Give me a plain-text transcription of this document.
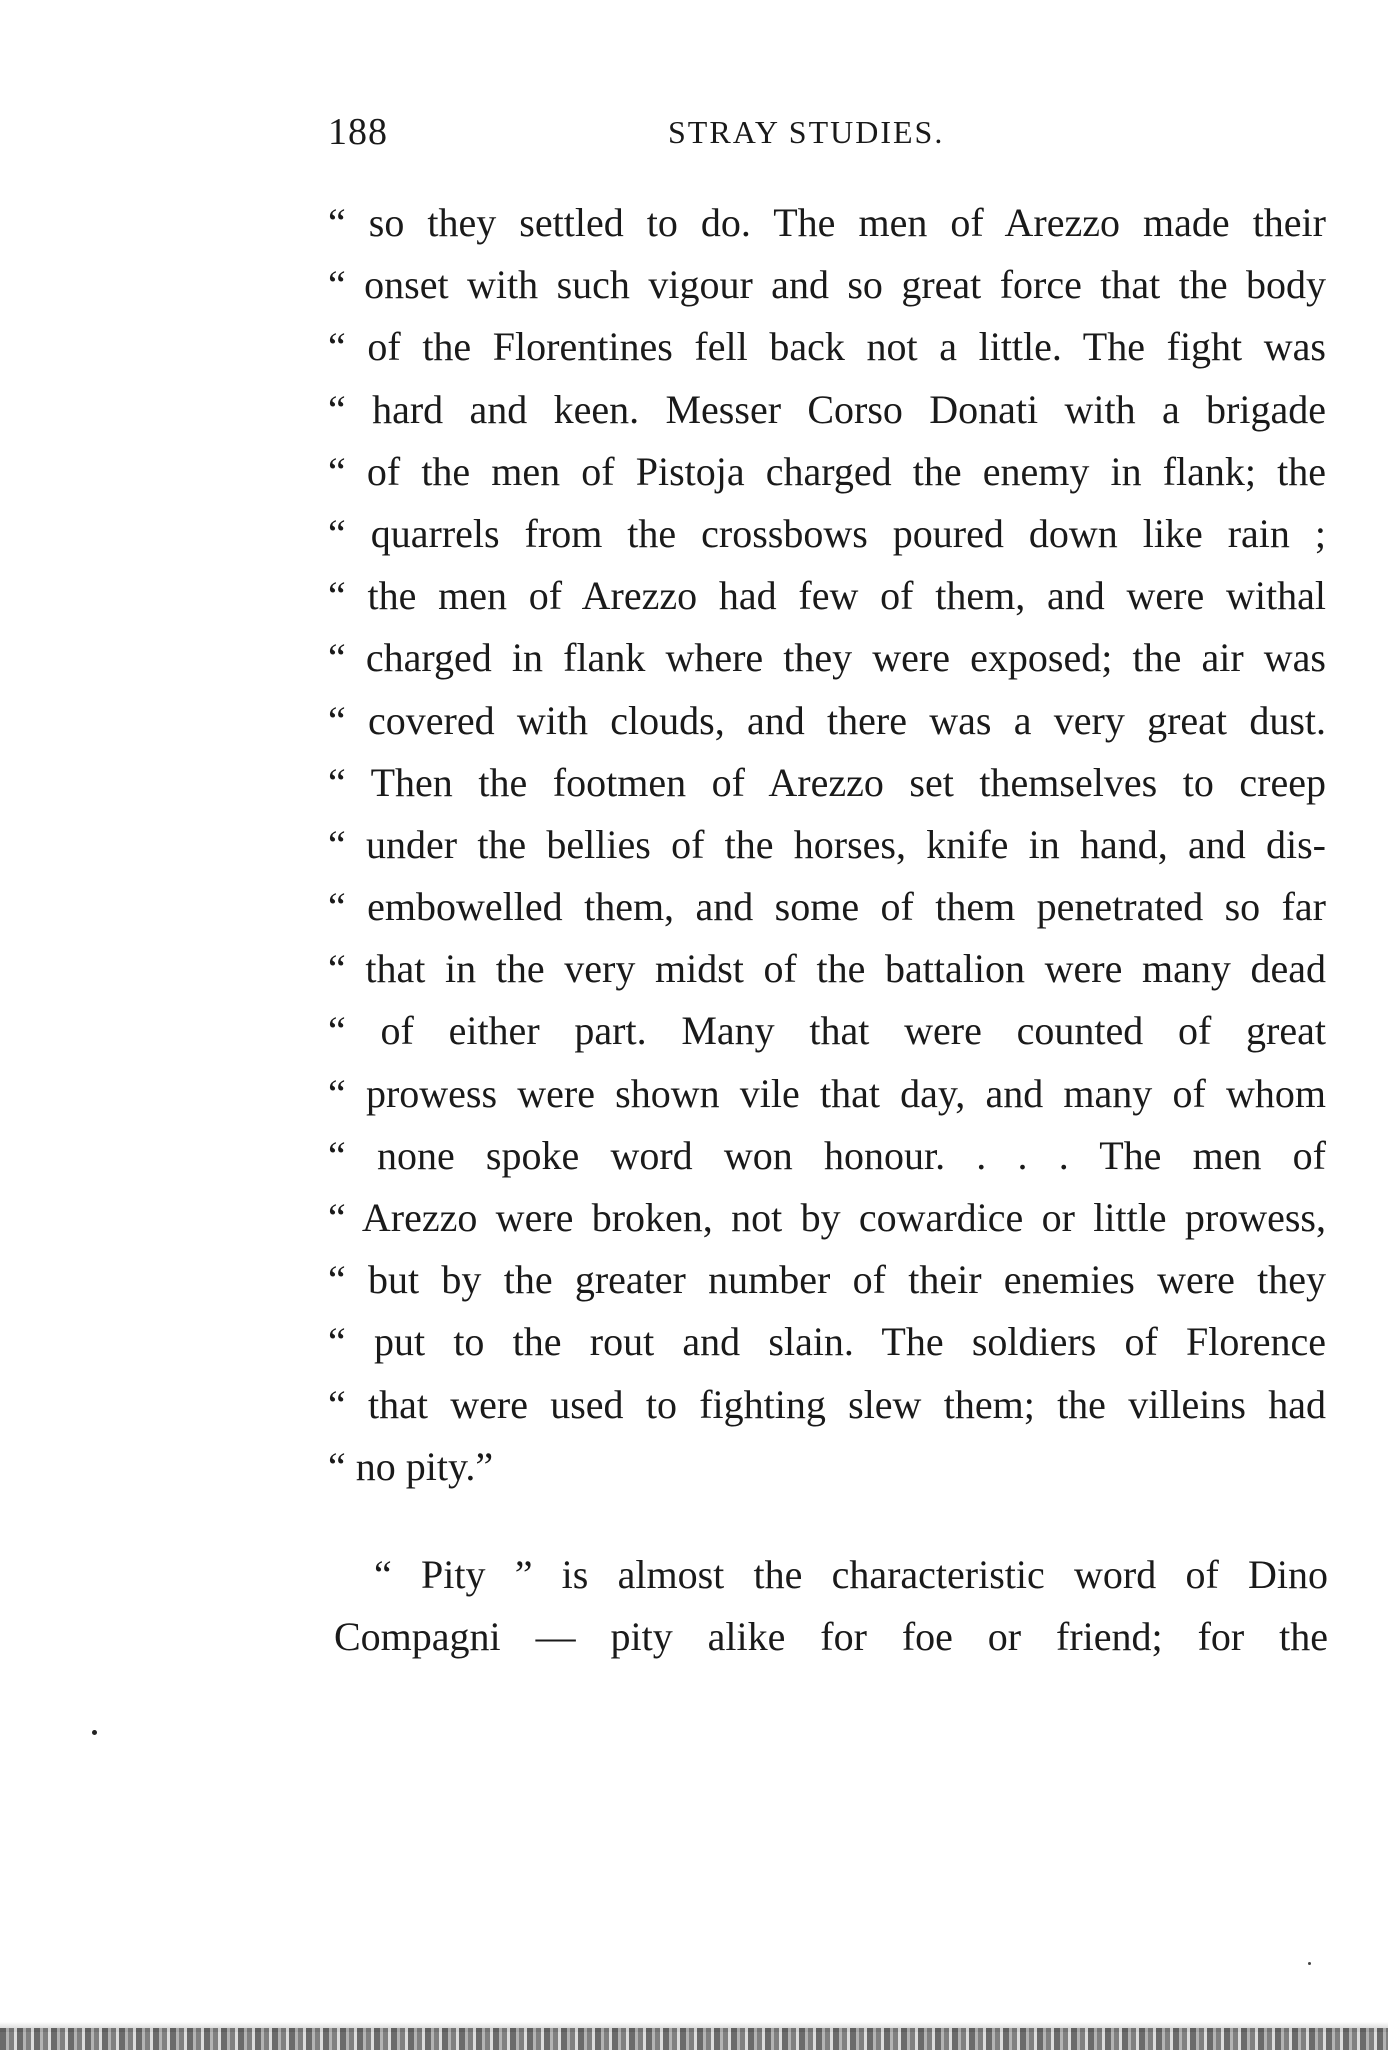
188	STRAY STUDIES.
“ so they settled to do. The men of Arezzo made their
“ onset with such vigour and so great force that the body
“ of the Florentines fell back not a little. The fight was
“ hard and keen. Messer Corso Donati with a brigade
“ of the men of Pistoja charged the enemy in flank; the
“ quarrels from the crossbows poured down like rain ;
“ the men of Arezzo had few of them, and were withal
“ charged in flank where they were exposed; the air was
“ covered with clouds, and there was a very great dust.
“ Then the footmen of Arezzo set themselves to creep
“ under the bellies of the horses, knife in hand, and dis-
“ embowelled them, and some of them penetrated so far
“ that in the very midst of the battalion were many dead
“ of either part. Many that were counted of great
“ prowess were shown vile that day, and many of whom
“ none spoke word won honour. . . . The men of
“ Arezzo were broken, not by cowardice or little prowess,
“ but by the greater number of their enemies were they
“ put to the rout and slain. The soldiers of Florence
“ that were used to fighting slew them; the villeins had
“ no pity.”
“ Pity ” is almost the characteristic word of Dino
Compagni — pity alike for foe or friend; for the
